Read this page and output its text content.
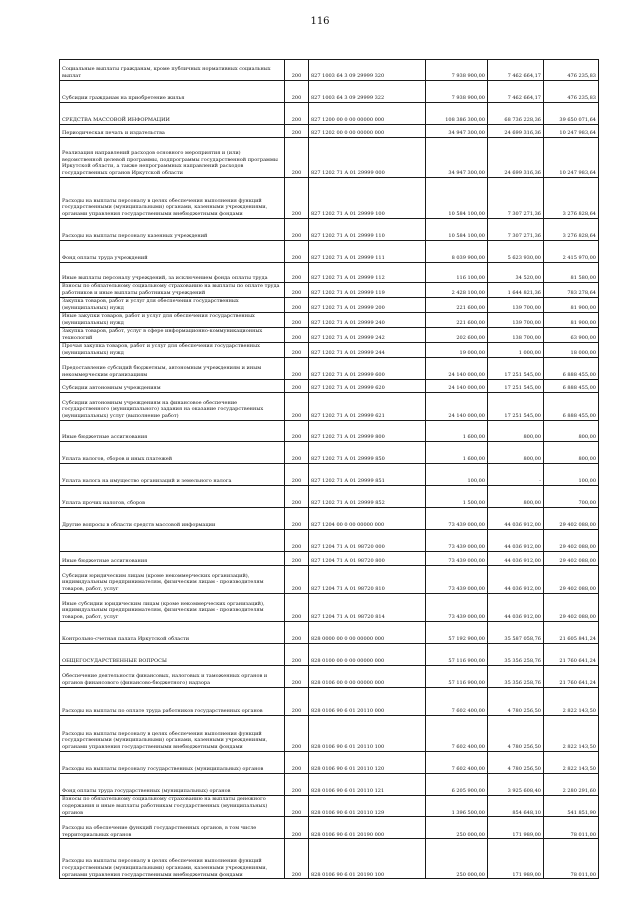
116
Социальные выплаты гражданам, кроме публичных нормативных социальных выплат	200	827 1003 64 3 09 29999 320	7 938 900,00	7 462 664,17	476 235,83
Субсидии гражданам на приобретение жилья	200	827 1003 64 3 09 29999 322	7 938 900,00	7 462 664,17	476 235,83
СРЕДСТВА МАССОВОЙ ИНФОРМАЦИИ	200	827 1200 00 0 00 00000 000	108 386 300,00	68 736 228,36	39 650 071,64
Периодическая печать и издательства	200	827 1202 00 0 00 00000 000	34 947 300,00	24 699 316,36	10 247 983,64
Реализация направлений расходов основного мероприятия и (или) ведомственной целевой программы, подпрограммы государственной программы Иркутской области, а также непрограммных направлений расходов государственных органов Иркутской области	200	827 1202 71 А 01 29999 000	34 947 300,00	24 699 316,36	10 247 983,64
Расходы на выплаты персоналу в целях обеспечения выполнения функций государственными (муниципальными) органами, казенными учреждениями, органами управления государственными внебюджетными фондами	200	827 1202 71 А 01 29999 100	10 584 100,00	7 307 271,36	3 276 828,64
Расходы на выплаты персоналу казенных учреждений	200	827 1202 71 А 01 29999 110	10 584 100,00	7 307 271,36	3 276 828,64
Фонд оплаты труда учреждений	200	827 1202 71 А 01 29999 111	8 039 900,00	5 623 930,00	2 415 970,00
Иные выплаты персоналу учреждений, за исключением фонда оплаты труда	200	827 1202 71 А 01 29999 112	116 100,00	34 520,00	81 580,00
Взносы по обязательному социальному страхованию на выплаты по оплате труда работников и иные выплаты работникам учреждений	200	827 1202 71 А 01 29999 119	2 428 100,00	1 644 821,36	783 278,64
Закупка товаров, работ и услуг для обеспечения государственных (муниципальных) нужд	200	827 1202 71 А 01 29999 200	221 600,00	139 700,00	81 900,00
Иные закупки товаров, работ и услуг для обеспечения государственных (муниципальных) нужд	200	827 1202 71 А 01 29999 240	221 600,00	139 700,00	81 900,00
Закупка товаров, работ, услуг в сфере информационно-коммуникационных технологий	200	827 1202 71 А 01 29999 242	202 600,00	138 700,00	63 900,00
Прочая закупка товаров, работ и услуг для обеспечения государственных (муниципальных) нужд	200	827 1202 71 А 01 29999 244	19 000,00	1 000,00	18 000,00
Предоставление субсидий бюджетным, автономным учреждениям и иным некоммерческим организациям	200	827 1202 71 А 01 29999 600	24 140 000,00	17 251 545,00	6 888 455,00
Субсидии автономным учреждениям	200	827 1202 71 А 01 29999 620	24 140 000,00	17 251 545,00	6 888 455,00
Субсидии автономным учреждениям на финансовое обеспечение государственного (муниципального) задания на оказание государственных (муниципальных) услуг (выполнение работ)	200	827 1202 71 А 01 29999 621	24 140 000,00	17 251 545,00	6 888 455,00
Иные бюджетные ассигнования	200	827 1202 71 А 01 29999 800	1 600,00	800,00	800,00
Уплата налогов, сборов и иных платежей	200	827 1202 71 А 01 29999 850	1 600,00	800,00	800,00
Уплата налога на имущество организаций и земельного налога	200	827 1202 71 А 01 29999 851	100,00	-	100,00
Уплата прочих налогов, сборов	200	827 1202 71 А 01 29999 852	1 500,00	800,00	700,00
Другие вопросы в области средств массовой информации	200	827 1204 00 0 00 00000 000	73 439 000,00	44 036 912,00	29 402 088,00
	200	827 1204 71 А 01 98720 000	73 439 000,00	44 036 912,00	29 402 088,00
Иные бюджетные ассигнования	200	827 1204 71 А 01 98720 800	73 439 000,00	44 036 912,00	29 402 088,00
Субсидии юридическим лицам (кроме некоммерческих организаций), индивидуальным предпринимателям, физическим лицам - производителям товаров, работ, услуг	200	827 1204 71 А 01 98720 810	73 439 000,00	44 036 912,00	29 402 088,00
Иные субсидии юридическим лицам (кроме некоммерческих организаций), индивидуальным предпринимателям, физическим лицам - производителям товаров, работ, услуг	200	827 1204 71 А 01 98720 814	73 439 000,00	44 036 912,00	29 402 088,00
Контрольно-счетная палата Иркутской области	200	828 0000 00 0 00 00000 000	57 192 900,00	35 587 058,76	21 605 841,24
ОБЩЕГОСУДАРСТВЕННЫЕ ВОПРОСЫ	200	828 0100 00 0 00 00000 000	57 116 900,00	35 356 258,76	21 760 641,24
Обеспечение деятельности финансовых, налоговых и таможенных органов и органов финансового (финансово-бюджетного) надзора	200	828 0106 00 0 00 00000 000	57 116 900,00	35 356 258,76	21 760 641,24
Расходы на выплаты по оплате труда работников государственных органов	200	828 0106 90 6 01 20110 000	7 602 400,00	4 780 256,50	2 822 143,50
Расходы на выплаты персоналу в целях обеспечения выполнения функций государственными (муниципальными) органами, казенными учреждениями, органами управления государственными внебюджетными фондами	200	828 0106 90 6 01 20110 100	7 602 400,00	4 780 256,50	2 822 143,50
Расходы на выплаты персоналу государственных (муниципальных) органов	200	828 0106 90 6 01 20110 120	7 602 400,00	4 780 256,50	2 822 143,50
Фонд оплаты труда государственных (муниципальных) органов	200	828 0106 90 6 01 20110 121	6 205 900,00	3 925 608,40	2 280 291,60
Взносы по обязательному социальному страхованию на выплаты денежного содержания и иные выплаты работникам государственных (муниципальных) органов	200	828 0106 90 6 01 20110 129	1 396 500,00	854 648,10	541 851,90
Расходы на обеспечение функций государственных органов, в том числе территориальных органов	200	828 0106 90 6 01 20190 000	250 000,00	171 989,00	78 011,00
Расходы на выплаты персоналу в целях обеспечения выполнения функций государственными (муниципальными) органами, казенными учреждениями, органами управления государственными внебюджетными фондами	200	828 0106 90 6 01 20190 100	250 000,00	171 989,00	78 011,00
